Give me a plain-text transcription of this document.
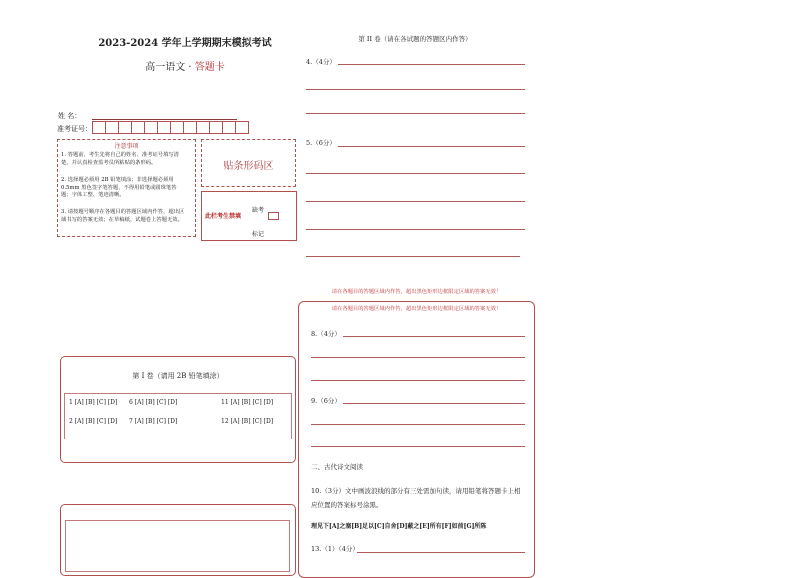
2023-2024 学年上学期期末模拟考试
高一语文 · 答题卡
姓 名：
准考证号：
注意事项
1. 答题前，考生先将自己的姓名、准考证号填写清楚，并认真检查监考员所粘贴的条形码。
2. 选择题必须用 2B 铅笔填涂；非选择题必须用 0.5mm 黑色签字笔答题，不得用铅笔或圆珠笔答题；字体工整、笔迹清晰。
3. 请按题号顺序在各题目的答题区域内作答，超出区域书写的答案无效；在草稿纸、试题卷上答题无效。
贴条形码区
此栏考生禁填
缺考
标记
第 I 卷（请用 2B 铅笔填涂）
1 [A] [B] [C] [D] 6 [A] [B] [C] [D]	11 [A] [B] [C] [D]
2 [A] [B] [C] [D] 7 [A] [B] [C] [D]	12 [A] [B] [C] [D]
第 II 卷（请在各试题的答题区内作答）
4.（4分）
5.（6分）
请在各题目的答题区域内作答，超出黑色矩形边框限定区域的答案无效！
请在各题目的答题区域内作答，超出黑色矩形边框限定区域的答案无效！
8.（4分）
9.（6分）
二、古代诗文阅读
10.（3分）文中画波浪线的部分有三处需加句读，请用铅笔将答题卡上相应位置的答案标号涂黑。
理见下[A]之塞[B]足以[C]自舍[D]蔽之[E]所有[F]如前[G]所陈
13.（1）（4分）
